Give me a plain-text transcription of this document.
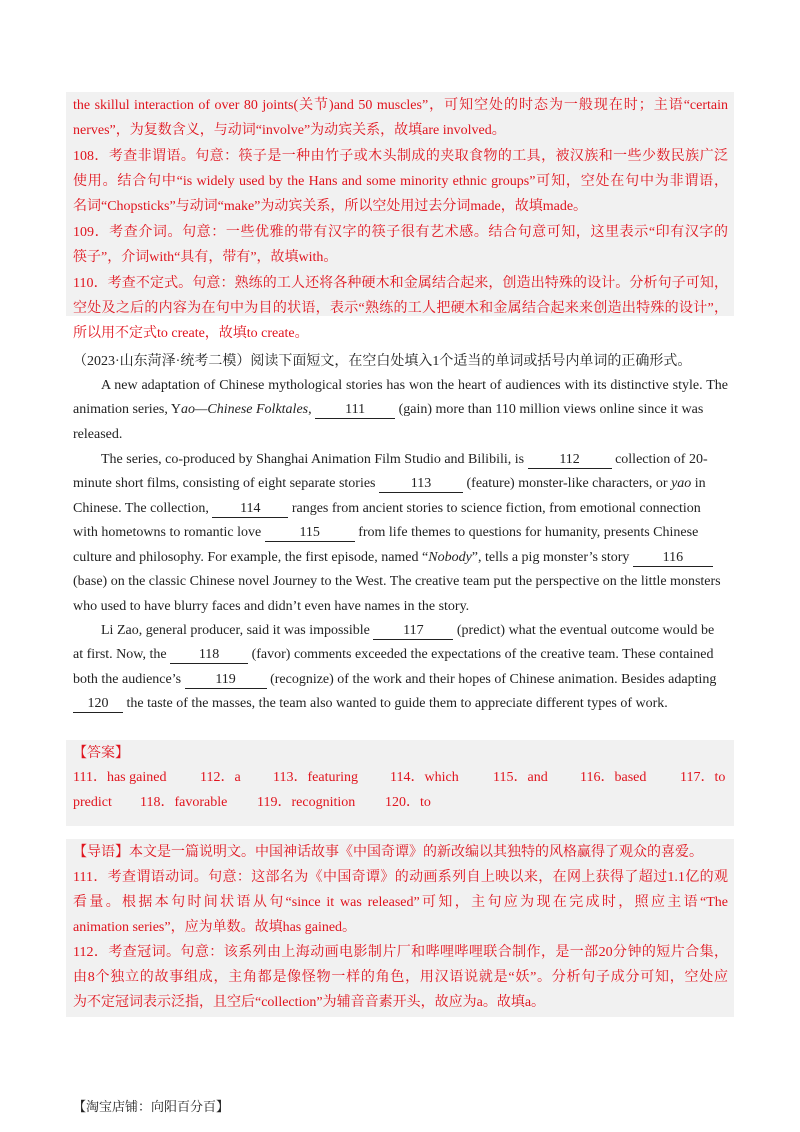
the skillul interaction of over 80 joints(关节)and 50 muscles”，可知空处的时态为一般现在时；主语“certain
nerves”，为复数含义，与动词“involve”为动宾关系，故填are involved。
108．考查非谓语。句意：筷子是一种由竹子或木头制成的夹取食物的工具，被汉族和一些少数民族广泛
使用。结合句中“is widely used by the Hans and some minority ethnic groups”可知，空处在句中为非谓语，
名词“Chopsticks”与动词“make”为动宾关系，所以空处用过去分词made，故填made。
109．考查介词。句意：一些优雅的带有汉字的筷子很有艺术感。结合句意可知，这里表示“印有汉字的
筷子”，介词with“具有，带有”，故填with。
110．考查不定式。句意：熟练的工人还将各种硬木和金属结合起来，创造出特殊的设计。分析句子可知，
空处及之后的内容为在句中为目的状语，表示“熟练的工人把硬木和金属结合起来来创造出特殊的设计”，
所以用不定式to create，故填to create。
（2023·山东菏泽·统考二模）阅读下面短文，在空白处填入1个适当的单词或括号内单词的正确形式。
A new adaptation of Chinese mythological stories has won the heart of audiences with its distinctive style. The
animation series, Yao—Chinese Folktales, 111 (gain) more than 110 million views online since it was
released.
The series, co-produced by Shanghai Animation Film Studio and Bilibili, is 112 collection of 20-
minute short films, consisting of eight separate stories 113 (feature) monster-like characters, or yao in
Chinese. The collection, 114 ranges from ancient stories to science fiction, from emotional connection
with hometowns to romantic love 115 from life themes to questions for humanity, presents Chinese
culture and philosophy. For example, the first episode, named “Nobody”, tells a pig monster’s story 116
(base) on the classic Chinese novel Journey to the West. The creative team put the perspective on the little monsters
who used to have blurry faces and didn’t even have names in the story.
Li Zao, general producer, said it was impossible 117 (predict) what the eventual outcome would be
at first. Now, the 118 (favor) comments exceeded the expectations of the creative team. These contained
both the audience’s 119 (recognize) of the work and their hopes of Chinese animation. Besides adapting
120 the taste of the masses, the team also wanted to guide them to appreciate different types of work.
【答案】
111．has gained 112．a 113．featuring 114．which 115．and 116．based 117．to
predict 118．favorable 119．recognition 120．to
【导语】本文是一篇说明文。中国神话故事《中国奇谭》的新改编以其独特的风格赢得了观众的喜爱。
111．考查谓语动词。句意：这部名为《中国奇谭》的动画系列自上映以来，在网上获得了超过1.1亿的观
看量。根据本句时间状语从句“since it was released”可知，主句应为现在完成时，照应主语“The
animation series”，应为单数。故填has gained。
112．考查冠词。句意：该系列由上海动画电影制片厂和哔哩哔哩联合制作，是一部20分钟的短片合集，
由8个独立的故事组成，主角都是像怪物一样的角色，用汉语说就是“妖”。分析句子成分可知，空处应
为不定冠词表示泛指，且空后“collection”为辅音音素开头，故应为a。故填a。
【淘宝店铺：向阳百分百】
